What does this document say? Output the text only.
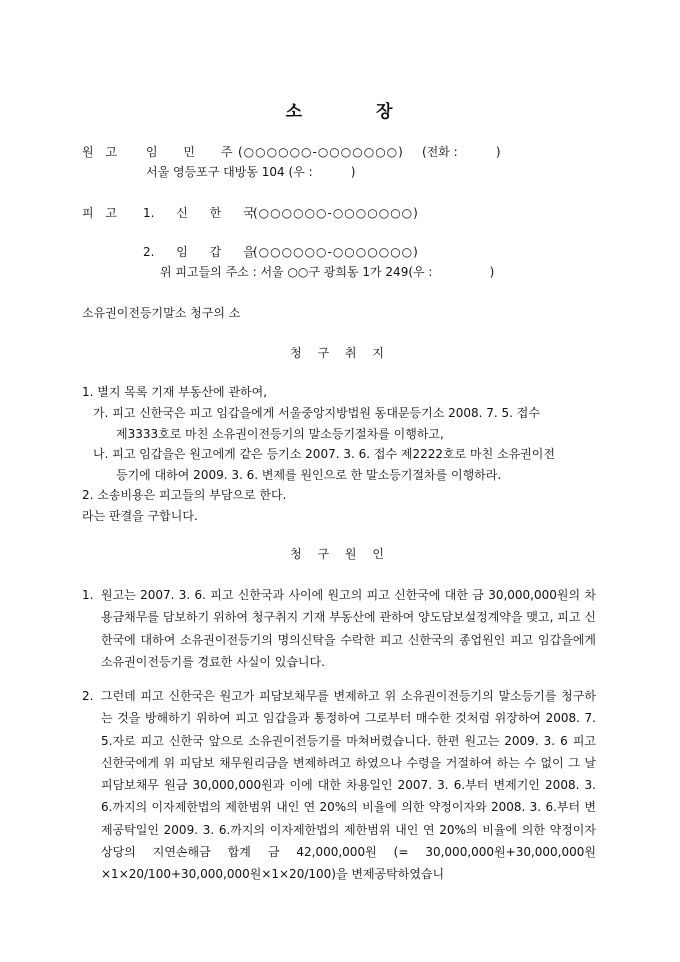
소	장
원 고 임 민 주 (○○○○○○-○○○○○○○) (전화 :          )
서울 영등포구 대방동 104 (우 :          )
피 고 1. 신 한 국
(○○○○○○-○○○○○○○)
2. 임 갑 을
(○○○○○○-○○○○○○○)
위 피고들의 주소 : 서울 ○○구 광희동 1가 249(우 :               )
소유권이전등기말소 청구의 소
청 구 취 지
1. 별지 목록 기재 부동산에 관하여,
가. 피고 신한국은 피고 임갑을에게 서울중앙지방법원 동대문등기소 2008. 7. 5. 접수
제3333호로 마친 소유권이전등기의 말소등기절차를 이행하고,
나. 피고 임갑을은 원고에게 같은 등기소 2007. 3. 6. 접수 제2222호로 마친 소유권이전
등기에 대하여 2009. 3. 6. 변제를 원인으로 한 말소등기절차를 이행하라.
2. 소송비용은 피고들의 부담으로 한다.
라는 판결을 구합니다.
청 구 원 인
1. 원고는 2007. 3. 6. 피고 신한국과 사이에 원고의 피고 신한국에 대한 금 30,000,000원의 차용금채무를 담보하기 위하여 청구취지 기재 부동산에 관하여 양도담보설정계약을 맺고, 피고 신한국에 대하여 소유권이전등기의 명의신탁을 수락한 피고 신한국의 종업원인 피고 임갑을에게 소유권이전등기를 경료한 사실이 있습니다.
2. 그런데 피고 신한국은 원고가 피담보채무를 변제하고 위 소유권이전등기의 말소등기를 청구하는 것을 방해하기 위하여 피고 임갑을과 통정하여 그로부터 매수한 것처럼 위장하여 2008. 7. 5.자로 피고 신한국 앞으로 소유권이전등기를 마쳐버렸습니다. 한편 원고는 2009. 3. 6 피고 신한국에게 위 피담보 채무원리금을 변제하려고 하였으나 수령을 거절하여 하는 수 없이 그 날 피담보채무 원금 30,000,000원과 이에 대한 차용일인 2007. 3. 6.부터 변제기인 2008. 3. 6.까지의 이자제한법의 제한범위 내인 연 20%의 비율에 의한 약정이자와 2008. 3. 6.부터 변제공탁일인 2009. 3. 6.까지의 이자제한법의 제한범위 내인 연 20%의 비율에 의한 약정이자 상당의 지연손해금 합계 금 42,000,000원 (= 30,000,000원+30,000,000원×1×20/100+30,000,000원×1×20/100)을 변제공탁하였습니
